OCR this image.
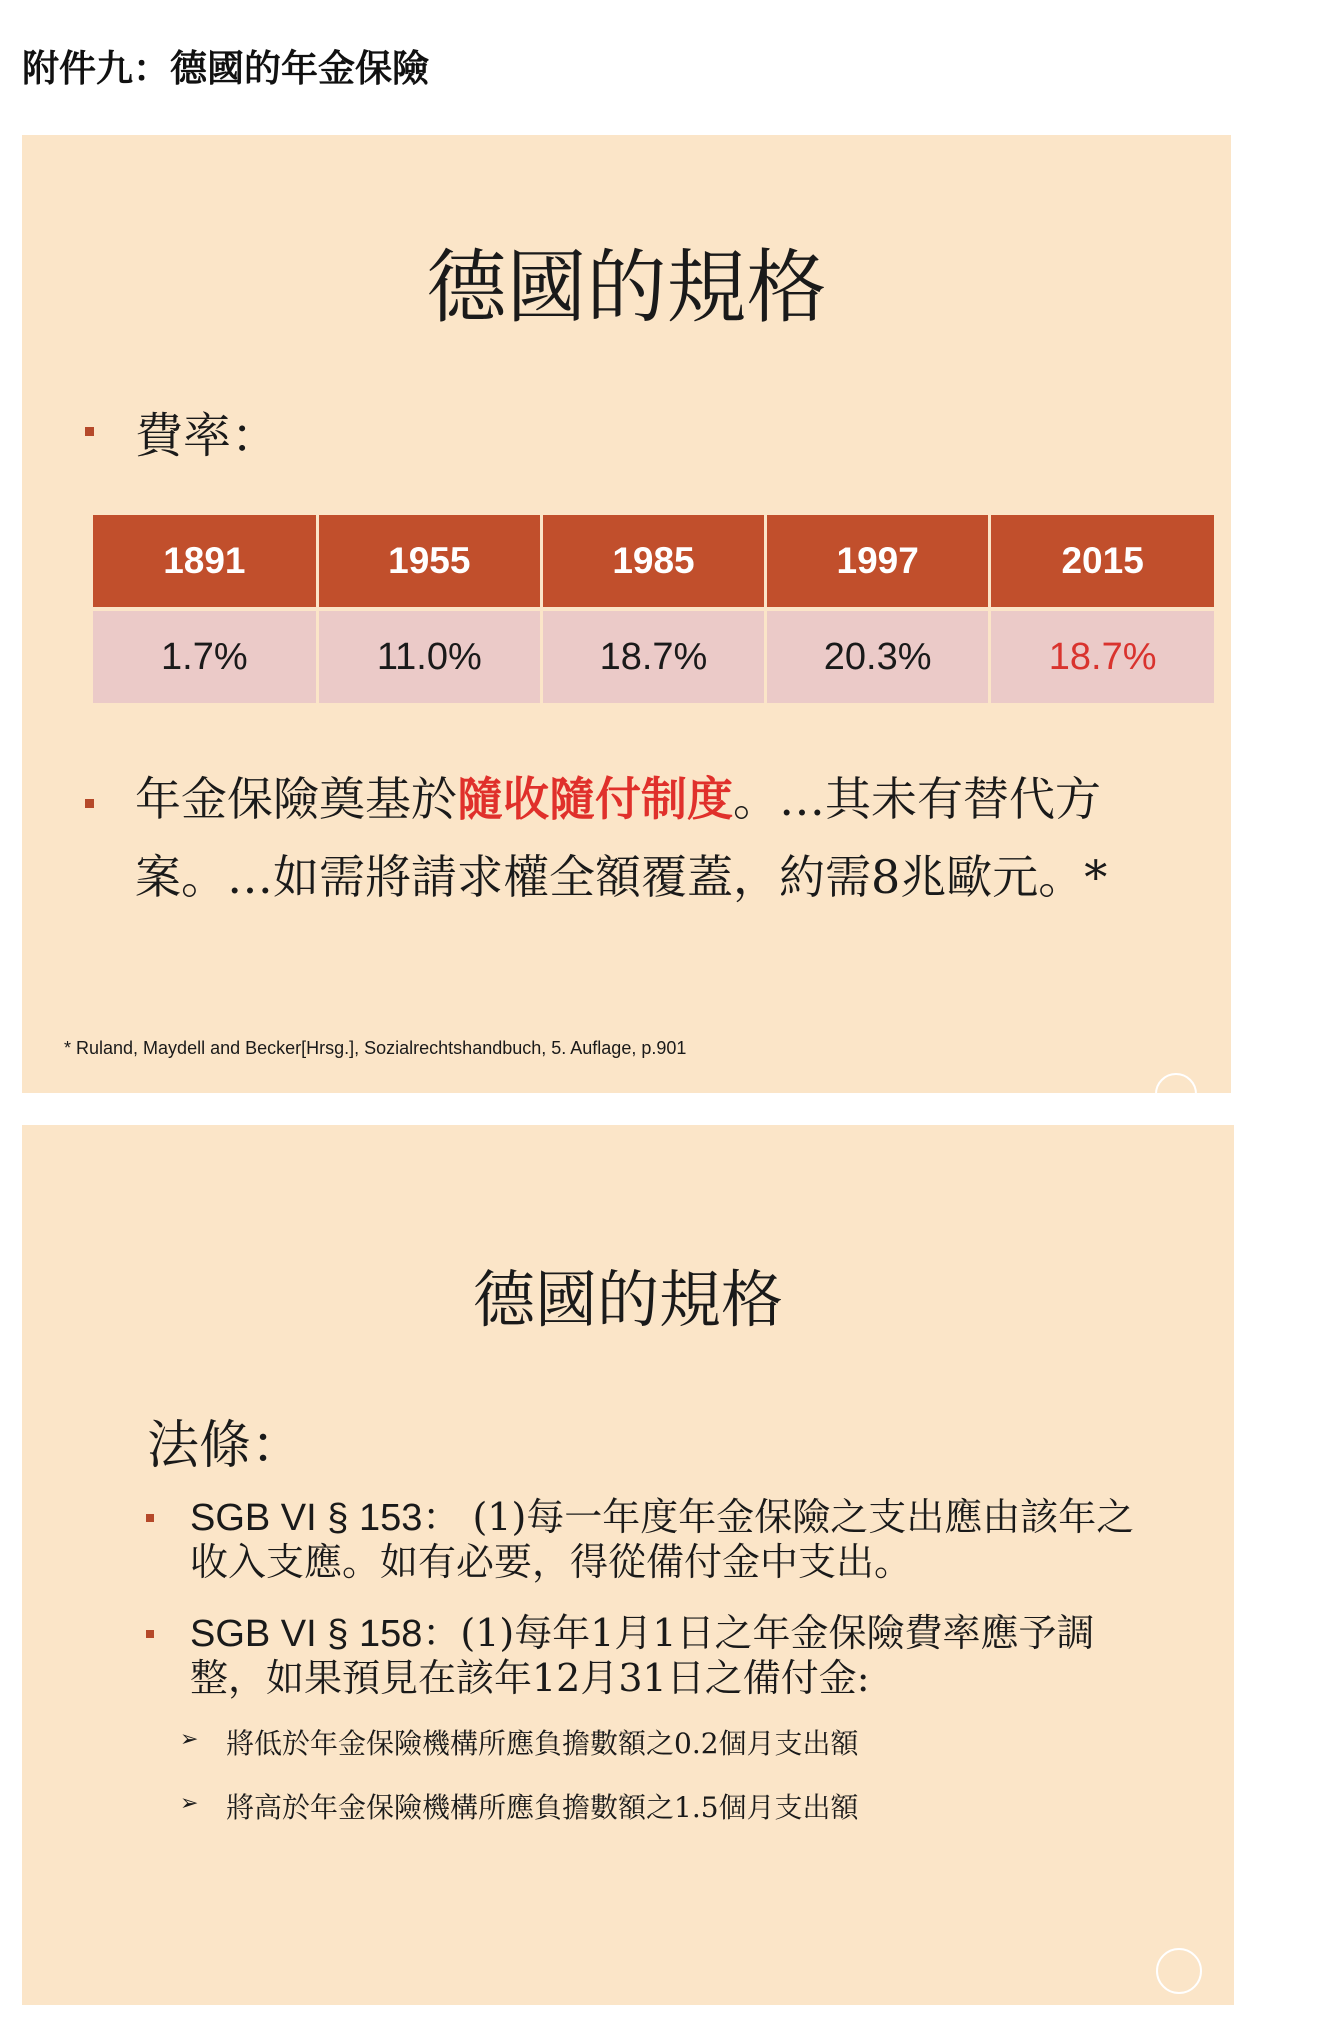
附件九：德國的年金保險
德國的規格
費率：
1891	1955	1985	1997	2015
1.7%	11.0%	18.7%	20.3%	18.7%
年金保險奠基於隨收隨付制度。…其未有替代方案。…如需將請求權全額覆蓋，約需8兆歐元。*
* Ruland, Maydell and Becker[Hrsg.], Sozialrechtshandbuch, 5. Auflage, p.901
德國的規格
法條：
SGB VI § 153： (1)每一年度年金保險之支出應由該年之收入支應。如有必要，得從備付金中支出。
SGB VI § 158：(1)每年1月1日之年金保險費率應予調整，如果預見在該年12月31日之備付金:
➢ 將低於年金保險機構所應負擔數額之0.2個月支出額
➢ 將高於年金保險機構所應負擔數額之1.5個月支出額
